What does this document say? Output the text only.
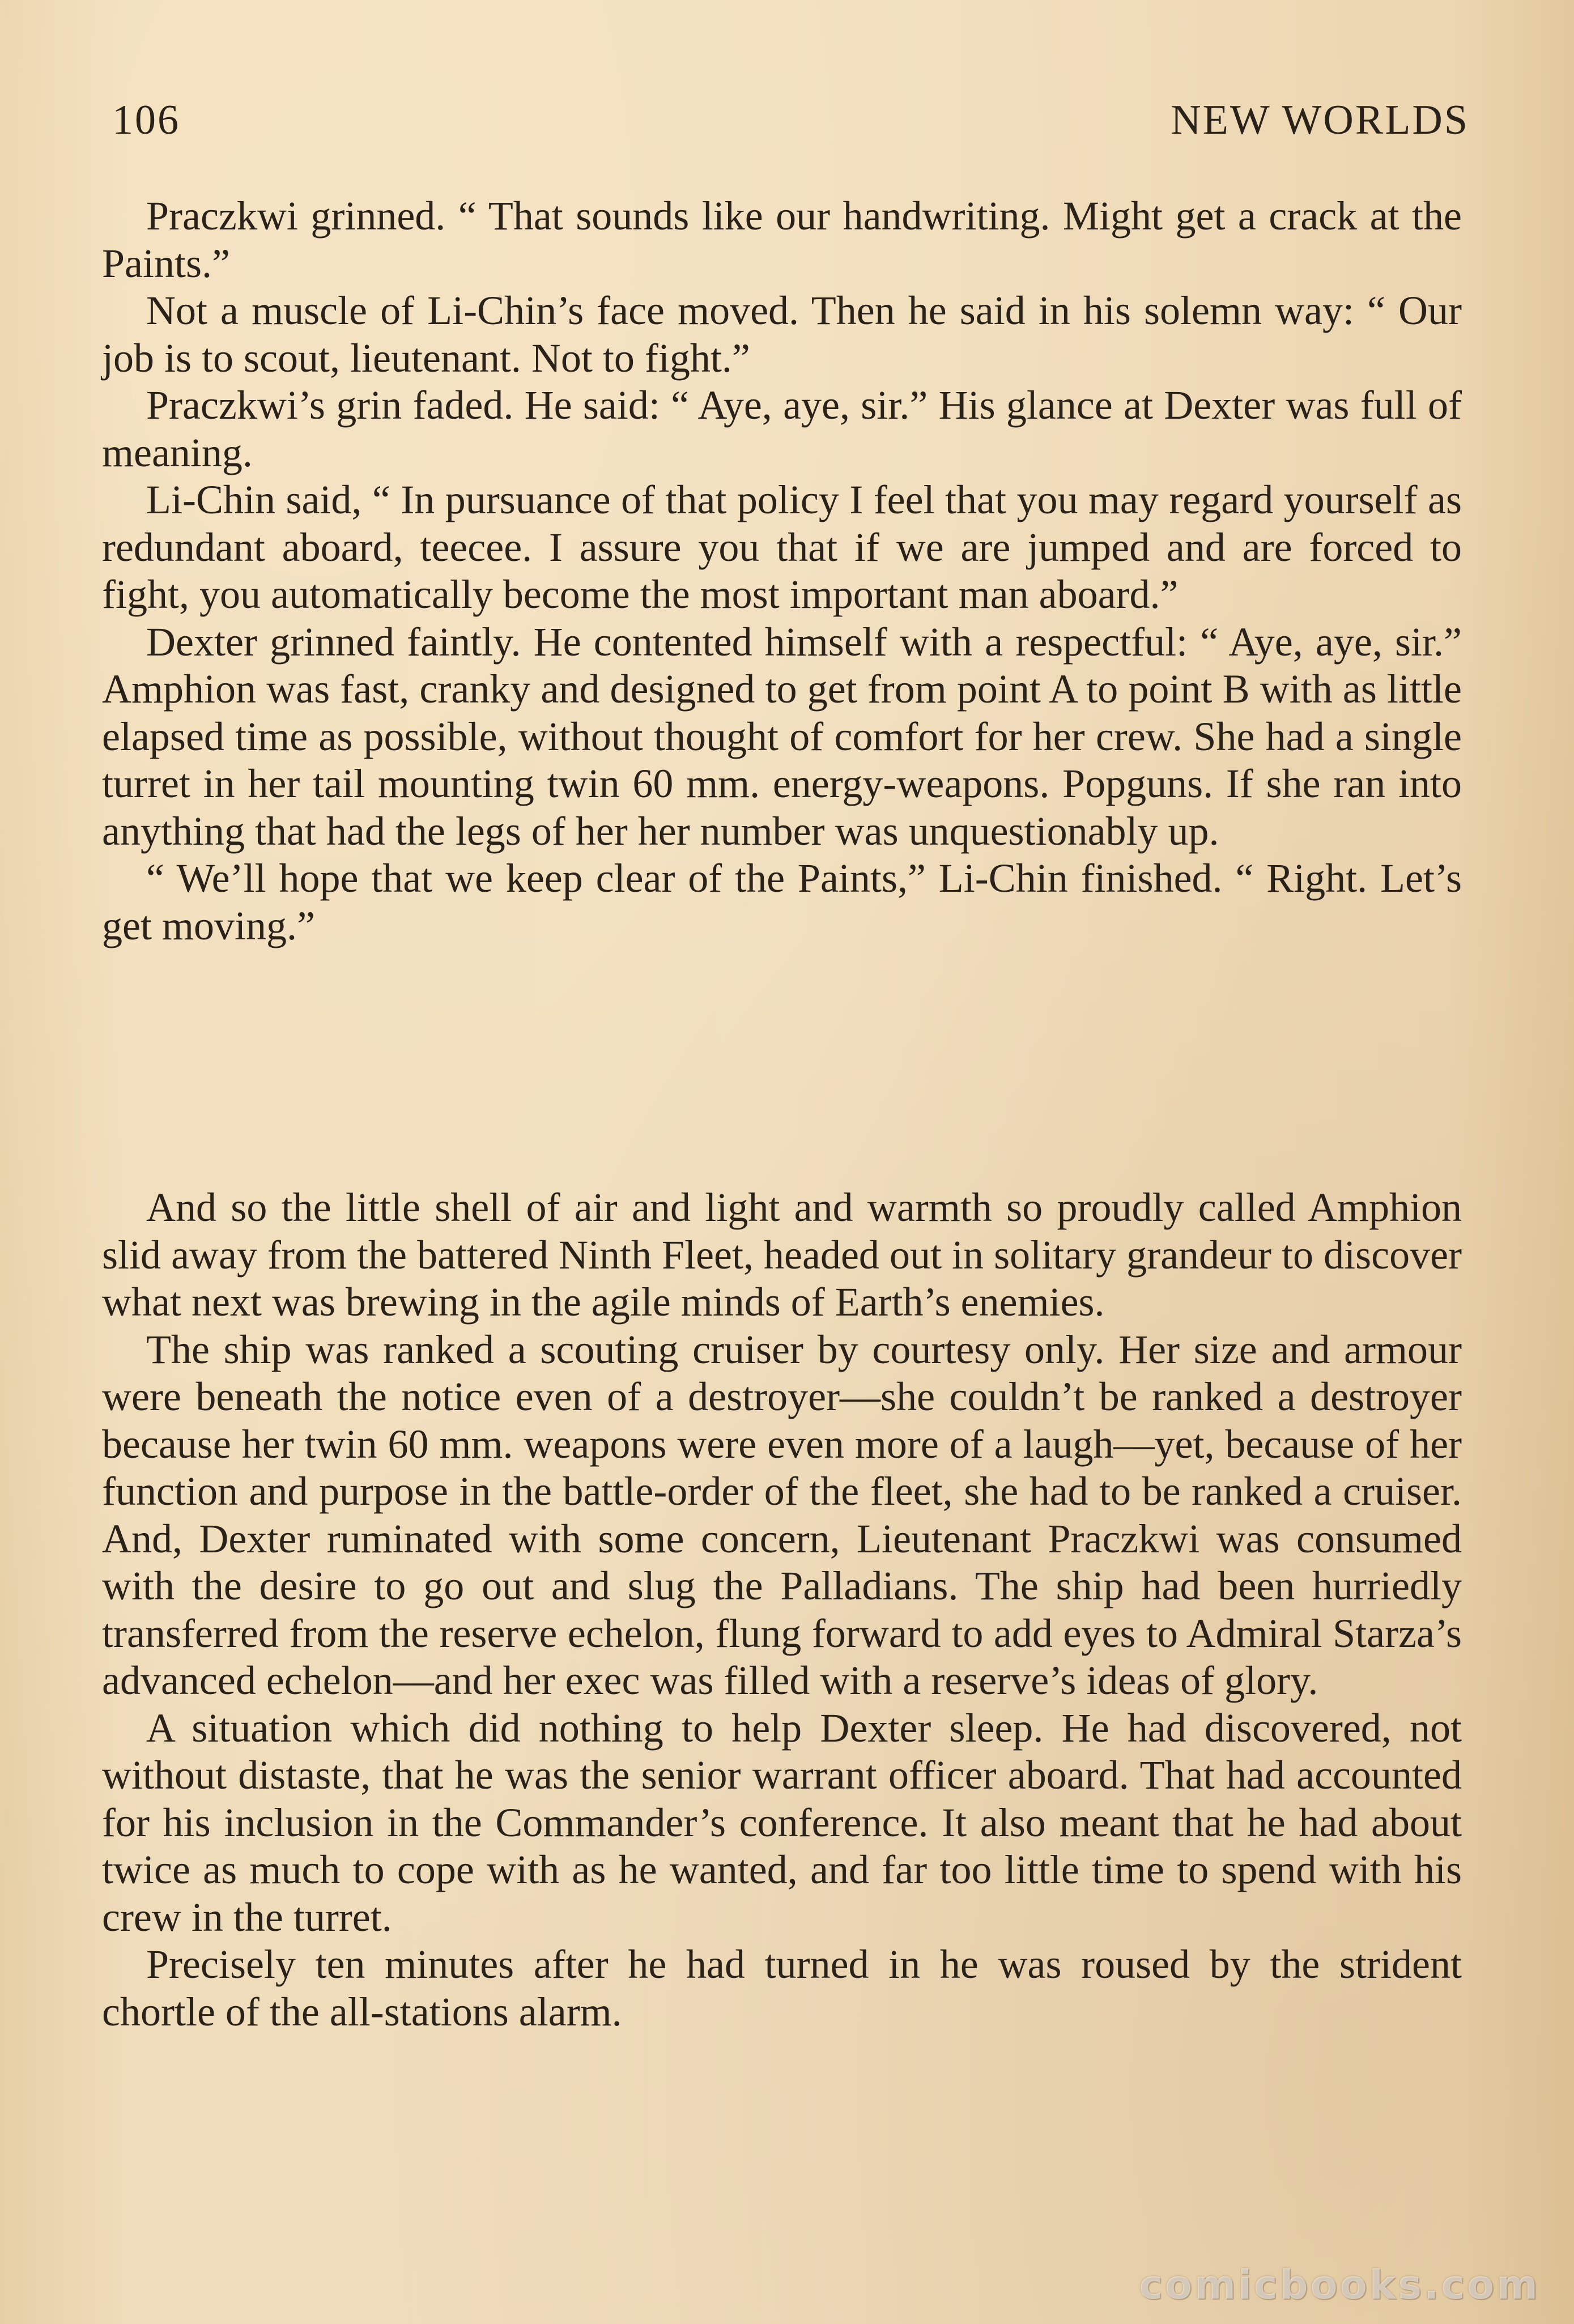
106	NEW WORLDS

Praczkwi grinned. “ That sounds like our handwriting. Might get a crack at the Paints.”

Not a muscle of Li-Chin’s face moved. Then he said in his solemn way: “ Our job is to scout, lieutenant. Not to fight.”

Praczkwi’s grin faded. He said: “ Aye, aye, sir.” His glance at Dexter was full of meaning.

Li-Chin said, “ In pursuance of that policy I feel that you may regard yourself as redundant aboard, teecee. I assure you that if we are jumped and are forced to fight, you automatically become the most important man aboard.”

Dexter grinned faintly. He contented himself with a respectful: “ Aye, aye, sir.” Amphion was fast, cranky and designed to get from point A to point B with as little elapsed time as possible, without thought of comfort for her crew. She had a single turret in her tail mounting twin 60 mm. energy-weapons. Popguns. If she ran into anything that had the legs of her her number was unquestionably up.

“ We’ll hope that we keep clear of the Paints,” Li-Chin finished. “ Right. Let’s get moving.”

And so the little shell of air and light and warmth so proudly called Amphion slid away from the battered Ninth Fleet, headed out in solitary grandeur to discover what next was brewing in the agile minds of Earth’s enemies.

The ship was ranked a scouting cruiser by courtesy only. Her size and armour were beneath the notice even of a destroyer—she couldn’t be ranked a destroyer because her twin 60 mm. weapons were even more of a laugh—yet, because of her function and purpose in the battle-order of the fleet, she had to be ranked a cruiser. And, Dexter ruminated with some concern, Lieutenant Praczkwi was consumed with the desire to go out and slug the Palladians. The ship had been hurriedly transferred from the reserve echelon, flung forward to add eyes to Admiral Starza’s advanced echelon—and her exec was filled with a reserve’s ideas of glory.

A situation which did nothing to help Dexter sleep. He had discovered, not without distaste, that he was the senior warrant officer aboard. That had accounted for his inclusion in the Commander’s conference. It also meant that he had about twice as much to cope with as he wanted, and far too little time to spend with his crew in the turret.

Precisely ten minutes after he had turned in he was roused by the strident chortle of the all-stations alarm.

comicbooks.com
